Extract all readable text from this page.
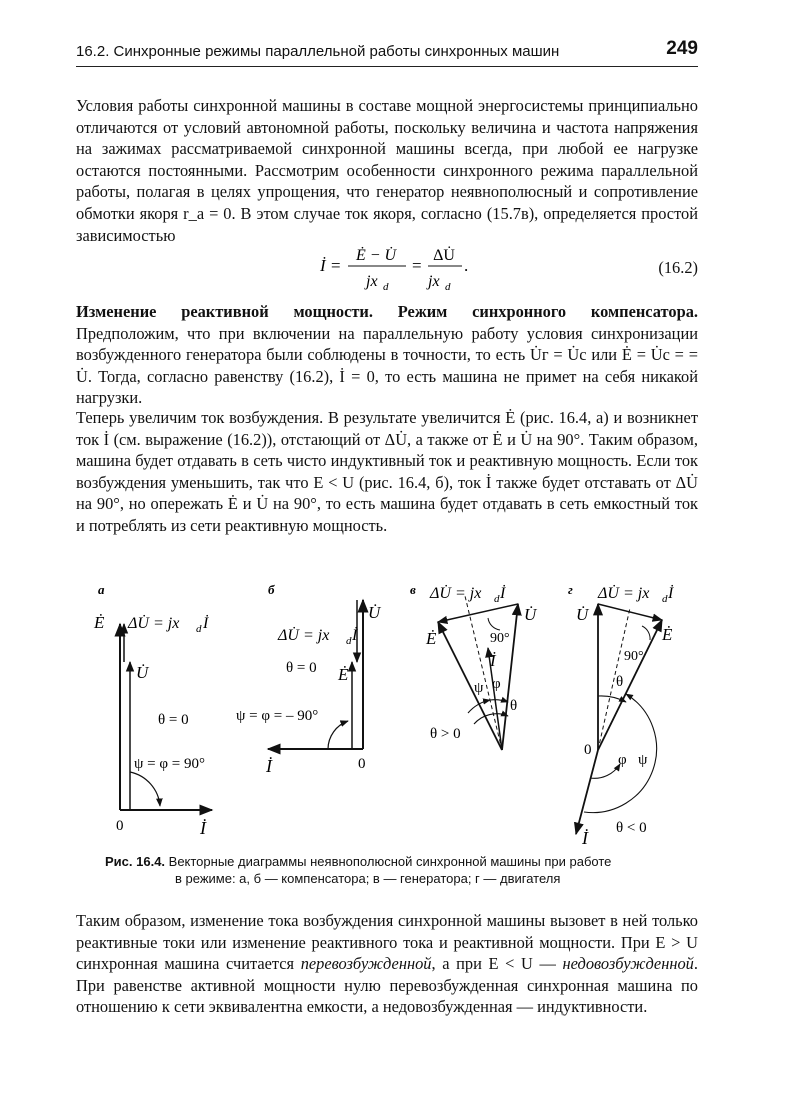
16.2. Синхронные режимы параллельной работы синхронных машин	249

Условия работы синхронной машины в составе мощной энергосистемы принципиально отличаются от условий автономной работы, поскольку величина и частота напряжения на зажимах рассматриваемой синхронной машины всегда, при любой ее нагрузке остаются постоянными. Рассмотрим особенности синхронного режима параллельной работы, полагая в целях упрощения, что генератор неявнополюсный и сопротивление обмотки якоря r_a = 0. В этом случае ток якоря, согласно (15.7в), определяется простой зависимостью

İ =
Ė − U̇
jx d
=
ΔU̇
jx d
.	(16.2)

Изменение реактивной мощности. Режим синхронного компенсатора. Предположим, что при включении на параллельную работу условия синхронизации возбужденного генератора были соблюдены в точности, то есть U̇г = U̇с или Ė = U̇с = = U̇. Тогда, согласно равенству (16.2), İ = 0, то есть машина не примет на себя никакой нагрузки.

Теперь увеличим ток возбуждения. В результате увеличится Ė (рис. 16.4, а) и возникнет ток İ (см. выражение (16.2)), отстающий от ΔU̇, а также от Ė и U̇ на 90°. Таким образом, машина будет отдавать в сеть чисто индуктивный ток и реактивную мощность. Если ток возбуждения уменьшить, так что E < U (рис. 16.4, б), ток İ также будет отставать от ΔU̇ на 90°, но опережать Ė и U̇ на 90°, то есть машина будет отдавать в сеть емкостный ток и потреблять из сети реактивную мощность.

а
Ė ΔU̇ = jx d İ
U̇
θ = 0
ψ = φ = 90°
0	İ
б
U̇
ΔU̇ = jx d İ
θ = 0 Ė
ψ = φ = – 90°
İ	0
в ΔU̇ = jx d İ
Ė
U̇
90°
İ
ψ φ
θ
θ > 0
г ΔU̇ = jx d İ
U̇
Ė
90°
θ
0
φ ψ
İ θ < 0
Рис. 16.4. Векторные диаграммы неявнополюсной синхронной машины при работе
в режиме: а, б — компенсатора; в — генератора; г — двигателя

Таким образом, изменение тока возбуждения синхронной машины вызовет в ней только реактивные токи или изменение реактивного тока и реактивной мощности. При E > U синхронная машина считается перевозбужденной, а при E < U — недовозбужденной. При равенстве активной мощности нулю перевозбужденная синхронная машина по отношению к сети эквивалентна емкости, а недовозбужденная — индуктивности.
